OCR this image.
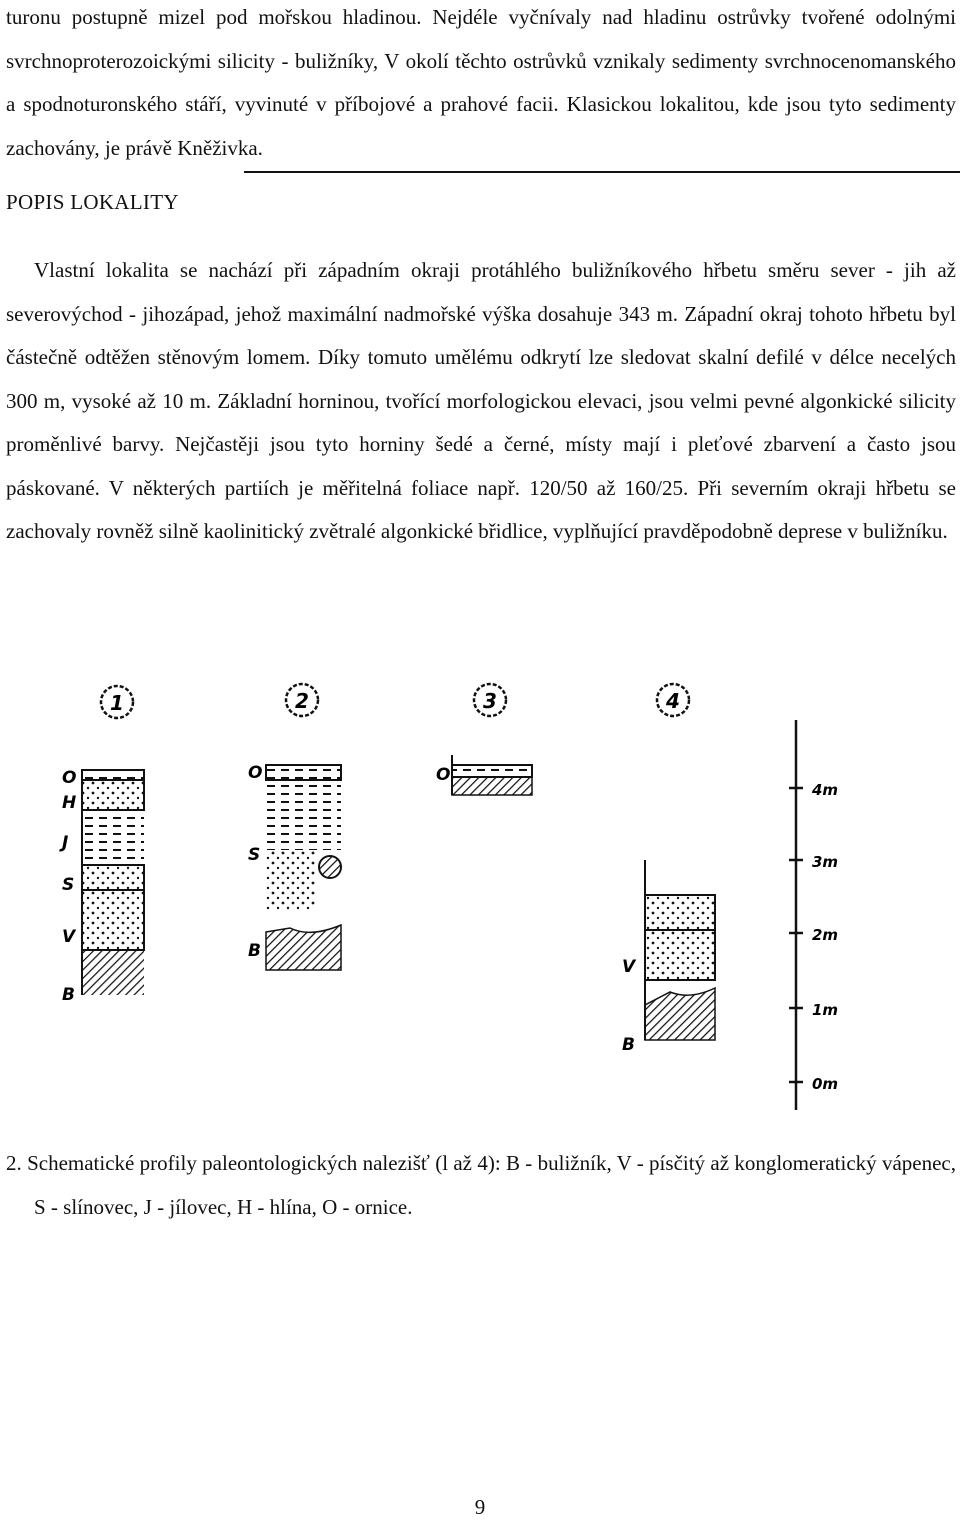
turonu postupně mizel pod mořskou hladinou. Nejdéle vyčnívaly nad hladinu ostrůvky tvořené odolnými svrchnoproterozoickými silicity - buližníky, V okolí těchto ostrůvků vznikaly sedimenty svrchnocenomanského a spodnoturonského stáří, vyvinuté v příbojové a prahové facii. Klasickou lokalitou, kde jsou tyto sedimenty zachovány, je právě Kněživka.

POPIS LOKALITY

Vlastní lokalita se nachází při západním okraji protáhlého buližníkového hřbetu směru sever - jih až severovýchod - jihozápad, jehož maximální nadmořské výška dosahuje 343 m. Západní okraj tohoto hřbetu byl částečně odtěžen stěnovým lomem. Díky tomuto umělému odkrytí lze sledovat skalní defilé v délce necelých 300 m, vysoké až 10 m. Základní horninou, tvořící morfologickou elevaci, jsou velmi pevné algonkické silicity proměnlivé barvy. Nejčastěji jsou tyto horniny šedé a černé, místy mají i pleťové zbarvení a často jsou páskované. V některých partiích je měřitelná foliace např. 120/50 až 160/25. Při severním okraji hřbetu se zachovaly rovněž silně kaolinitický zvětralé algonkické břidlice, vyplňující pravděpodobně deprese v buližníku.

1
O
H
J
S
V
B
2
O
S
B
3
O
4
V
B
4m
3m
2m
1m
0m

2. Schematické profily paleontologických nalezišť (l až 4): B - buližník, V - písčitý až konglomeratický vápenec, S - slínovec, J - jílovec, H - hlína, O - ornice.

9
